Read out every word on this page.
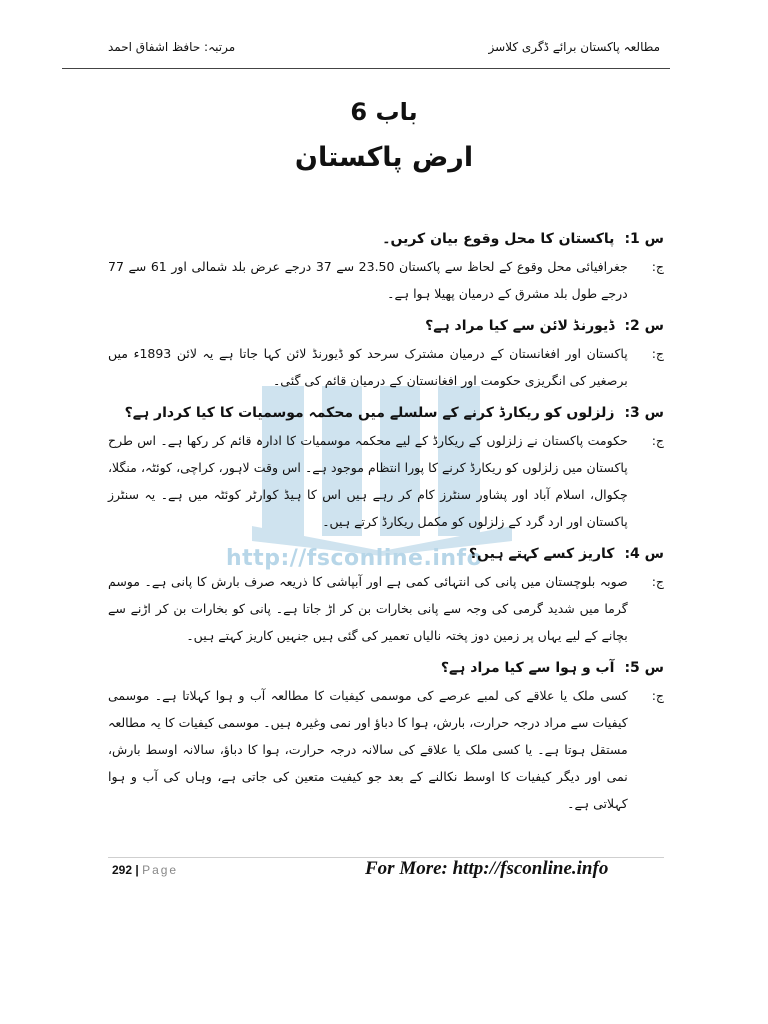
مطالعہ پاکستان برائے ڈگری کلاسز
مرتبہ: حافظ اشفاق احمد
http://fsconline.info
باب 6
ارض پاکستان
س 1:
پاکستان کا محل وقوع بیان کریں۔
ج:
جغرافیائی محل وقوع کے لحاظ سے پاکستان 23.50 سے 37 درجے عرض بلد شمالی اور 61 سے 77 درجے طول بلد مشرق کے درمیان پھیلا ہوا ہے۔
س 2:
ڈیورنڈ لائن سے کیا مراد ہے؟
ج:
پاکستان اور افغانستان کے درمیان مشترک سرحد کو ڈیورنڈ لائن کہا جاتا ہے یہ لائن 1893ء میں برصغیر کی انگریزی حکومت اور افغانستان کے درمیان قائم کی گئی۔
س 3:
زلزلوں کو ریکارڈ کرنے کے سلسلے میں محکمہ موسمیات کا کیا کردار ہے؟
ج:
حکومت پاکستان نے زلزلوں کے ریکارڈ کے لیے محکمہ موسمیات کا ادارہ قائم کر رکھا ہے۔ اس طرح پاکستان میں زلزلوں کو ریکارڈ کرنے کا پورا انتظام موجود ہے۔ اس وقت لاہور، کراچی، کوئٹہ، منگلا، چکوال، اسلام آباد اور پشاور سنٹرز کام کر رہے ہیں اس کا ہیڈ کوارٹر کوئٹہ میں ہے۔ یہ سنٹرز پاکستان اور ارد گرد کے زلزلوں کو مکمل ریکارڈ کرتے ہیں۔
س 4:
کاریز کسے کہتے ہیں؟
ج:
صوبہ بلوچستان میں پانی کی انتہائی کمی ہے اور آبپاشی کا ذریعہ صرف بارش کا پانی ہے۔ موسم گرما میں شدید گرمی کی وجہ سے پانی بخارات بن کر اڑ جاتا ہے۔ پانی کو بخارات بن کر اڑنے سے بچانے کے لیے یہاں پر زمین دوز پختہ نالیاں تعمیر کی گئی ہیں جنہیں کاریز کہتے ہیں۔
س 5:
آب و ہوا سے کیا مراد ہے؟
ج:
کسی ملک یا علاقے کی لمبے عرصے کی موسمی کیفیات کا مطالعہ آب و ہوا کہلاتا ہے۔ موسمی کیفیات سے مراد درجہ حرارت، بارش، ہوا کا دباؤ اور نمی وغیرہ ہیں۔ موسمی کیفیات کا یہ مطالعہ مستقل ہوتا ہے۔ یا کسی ملک یا علاقے کی سالانہ درجہ حرارت، ہوا کا دباؤ، سالانہ اوسط بارش، نمی اور دیگر کیفیات کا اوسط نکالنے کے بعد جو کیفیت متعین کی جاتی ہے، وہاں کی آب و ہوا کہلاتی ہے۔
292 | Page	For More: http://fsconline.info
